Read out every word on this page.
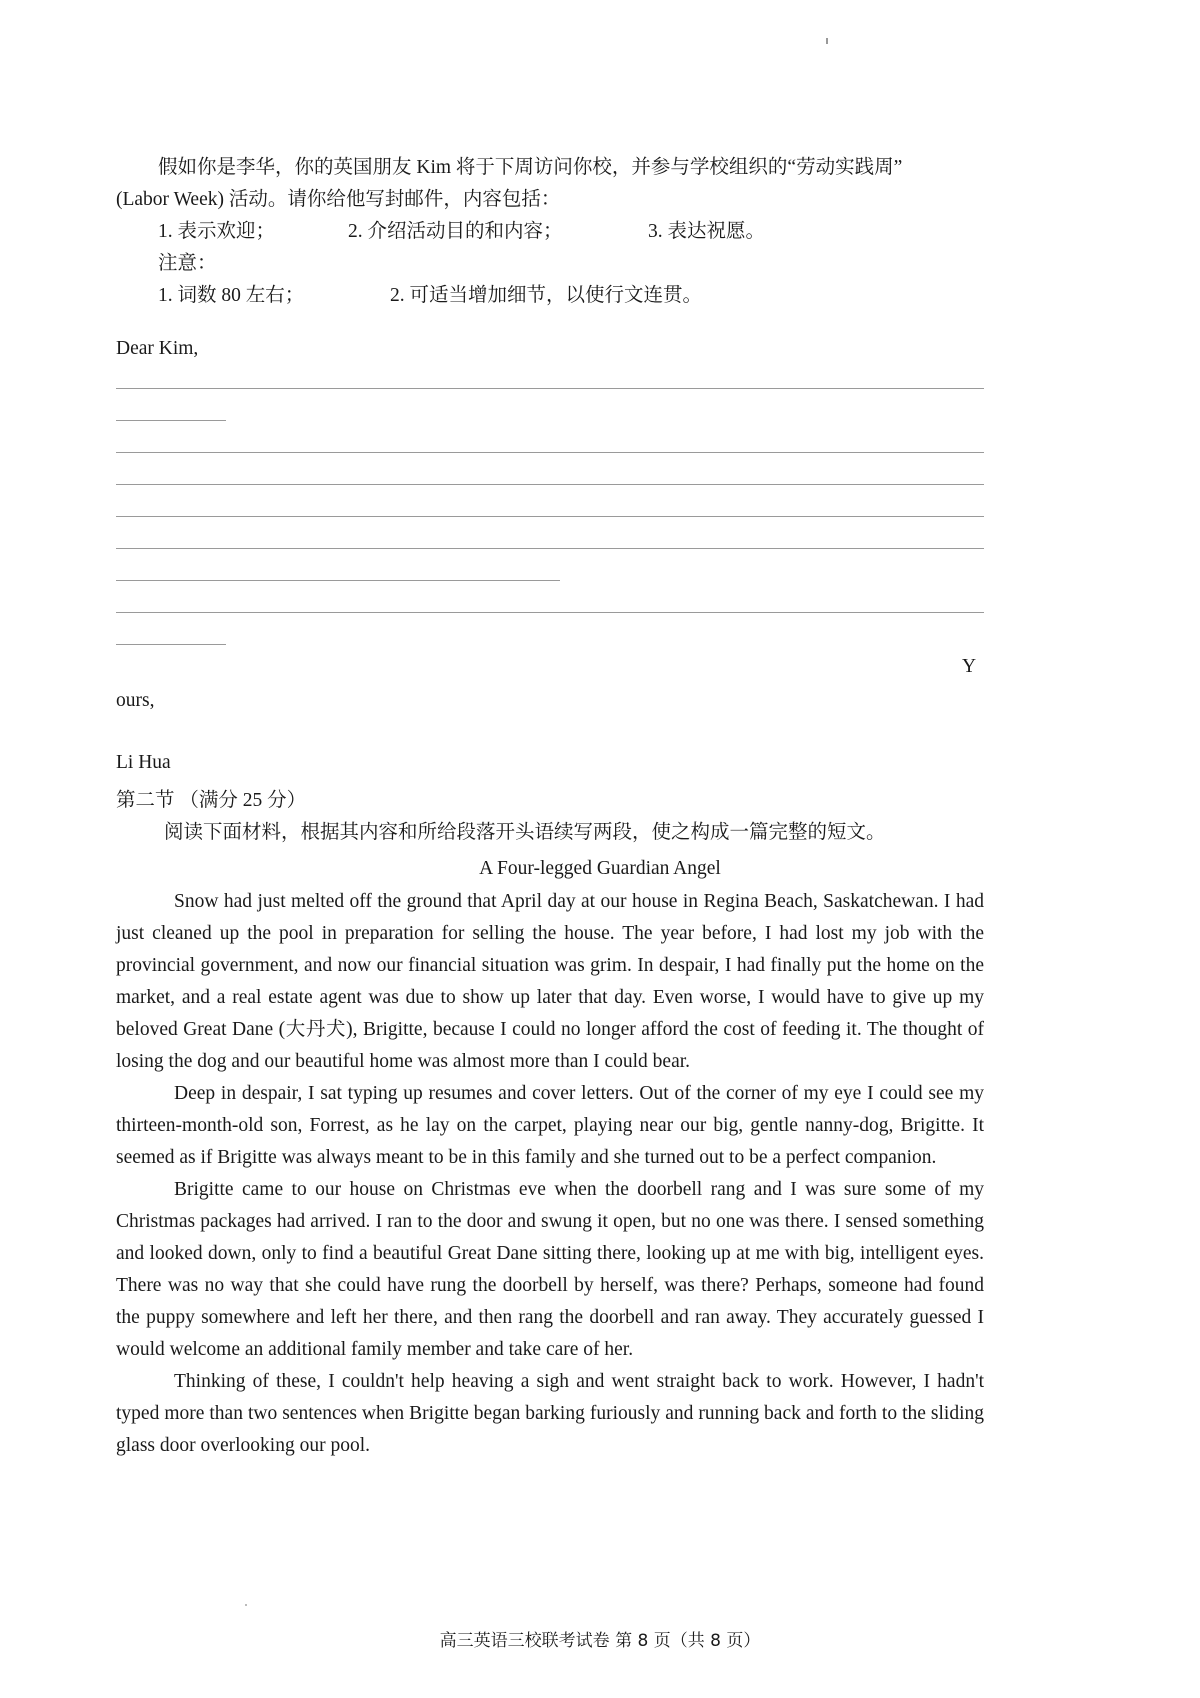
假如你是李华，你的英国朋友 Kim 将于下周访问你校，并参与学校组织的“劳动实践周”
(Labor Week) 活动。请你给他写封邮件，内容包括：
1. 表示欢迎；	2. 介绍活动目的和内容；	3. 表达祝愿。
注意：
1. 词数 80 左右；	2. 可适当增加细节，以使行文连贯。
Dear Kim,
Y
ours,
Li Hua
第二节 （满分 25 分）
阅读下面材料，根据其内容和所给段落开头语续写两段，使之构成一篇完整的短文。
A Four-legged Guardian Angel

Snow had just melted off the ground that April day at our house in Regina Beach, Saskatchewan. I had just cleaned up the pool in preparation for selling the house. The year before, I had lost my job with the provincial government, and now our financial situation was grim. In despair, I had finally put the home on the market, and a real estate agent was due to show up later that day. Even worse, I would have to give up my beloved Great Dane (大丹犬), Brigitte, because I could no longer afford the cost of feeding it. The thought of losing the dog and our beautiful home was almost more than I could bear.

Deep in despair, I sat typing up resumes and cover letters. Out of the corner of my eye I could see my thirteen-month-old son, Forrest, as he lay on the carpet, playing near our big, gentle nanny-dog, Brigitte. It seemed as if Brigitte was always meant to be in this family and she turned out to be a perfect companion.

Brigitte came to our house on Christmas eve when the doorbell rang and I was sure some of my Christmas packages had arrived. I ran to the door and swung it open, but no one was there. I sensed something and looked down, only to find a beautiful Great Dane sitting there, looking up at me with big, intelligent eyes. There was no way that she could have rung the doorbell by herself, was there? Perhaps, someone had found the puppy somewhere and left her there, and then rang the doorbell and ran away. They accurately guessed I would welcome an additional family member and take care of her.

Thinking of these, I couldn't help heaving a sigh and went straight back to work. However, I hadn't typed more than two sentences when Brigitte began barking furiously and running back and forth to the sliding glass door overlooking our pool.

高三英语三校联考试卷 第 8 页（共 8 页）
